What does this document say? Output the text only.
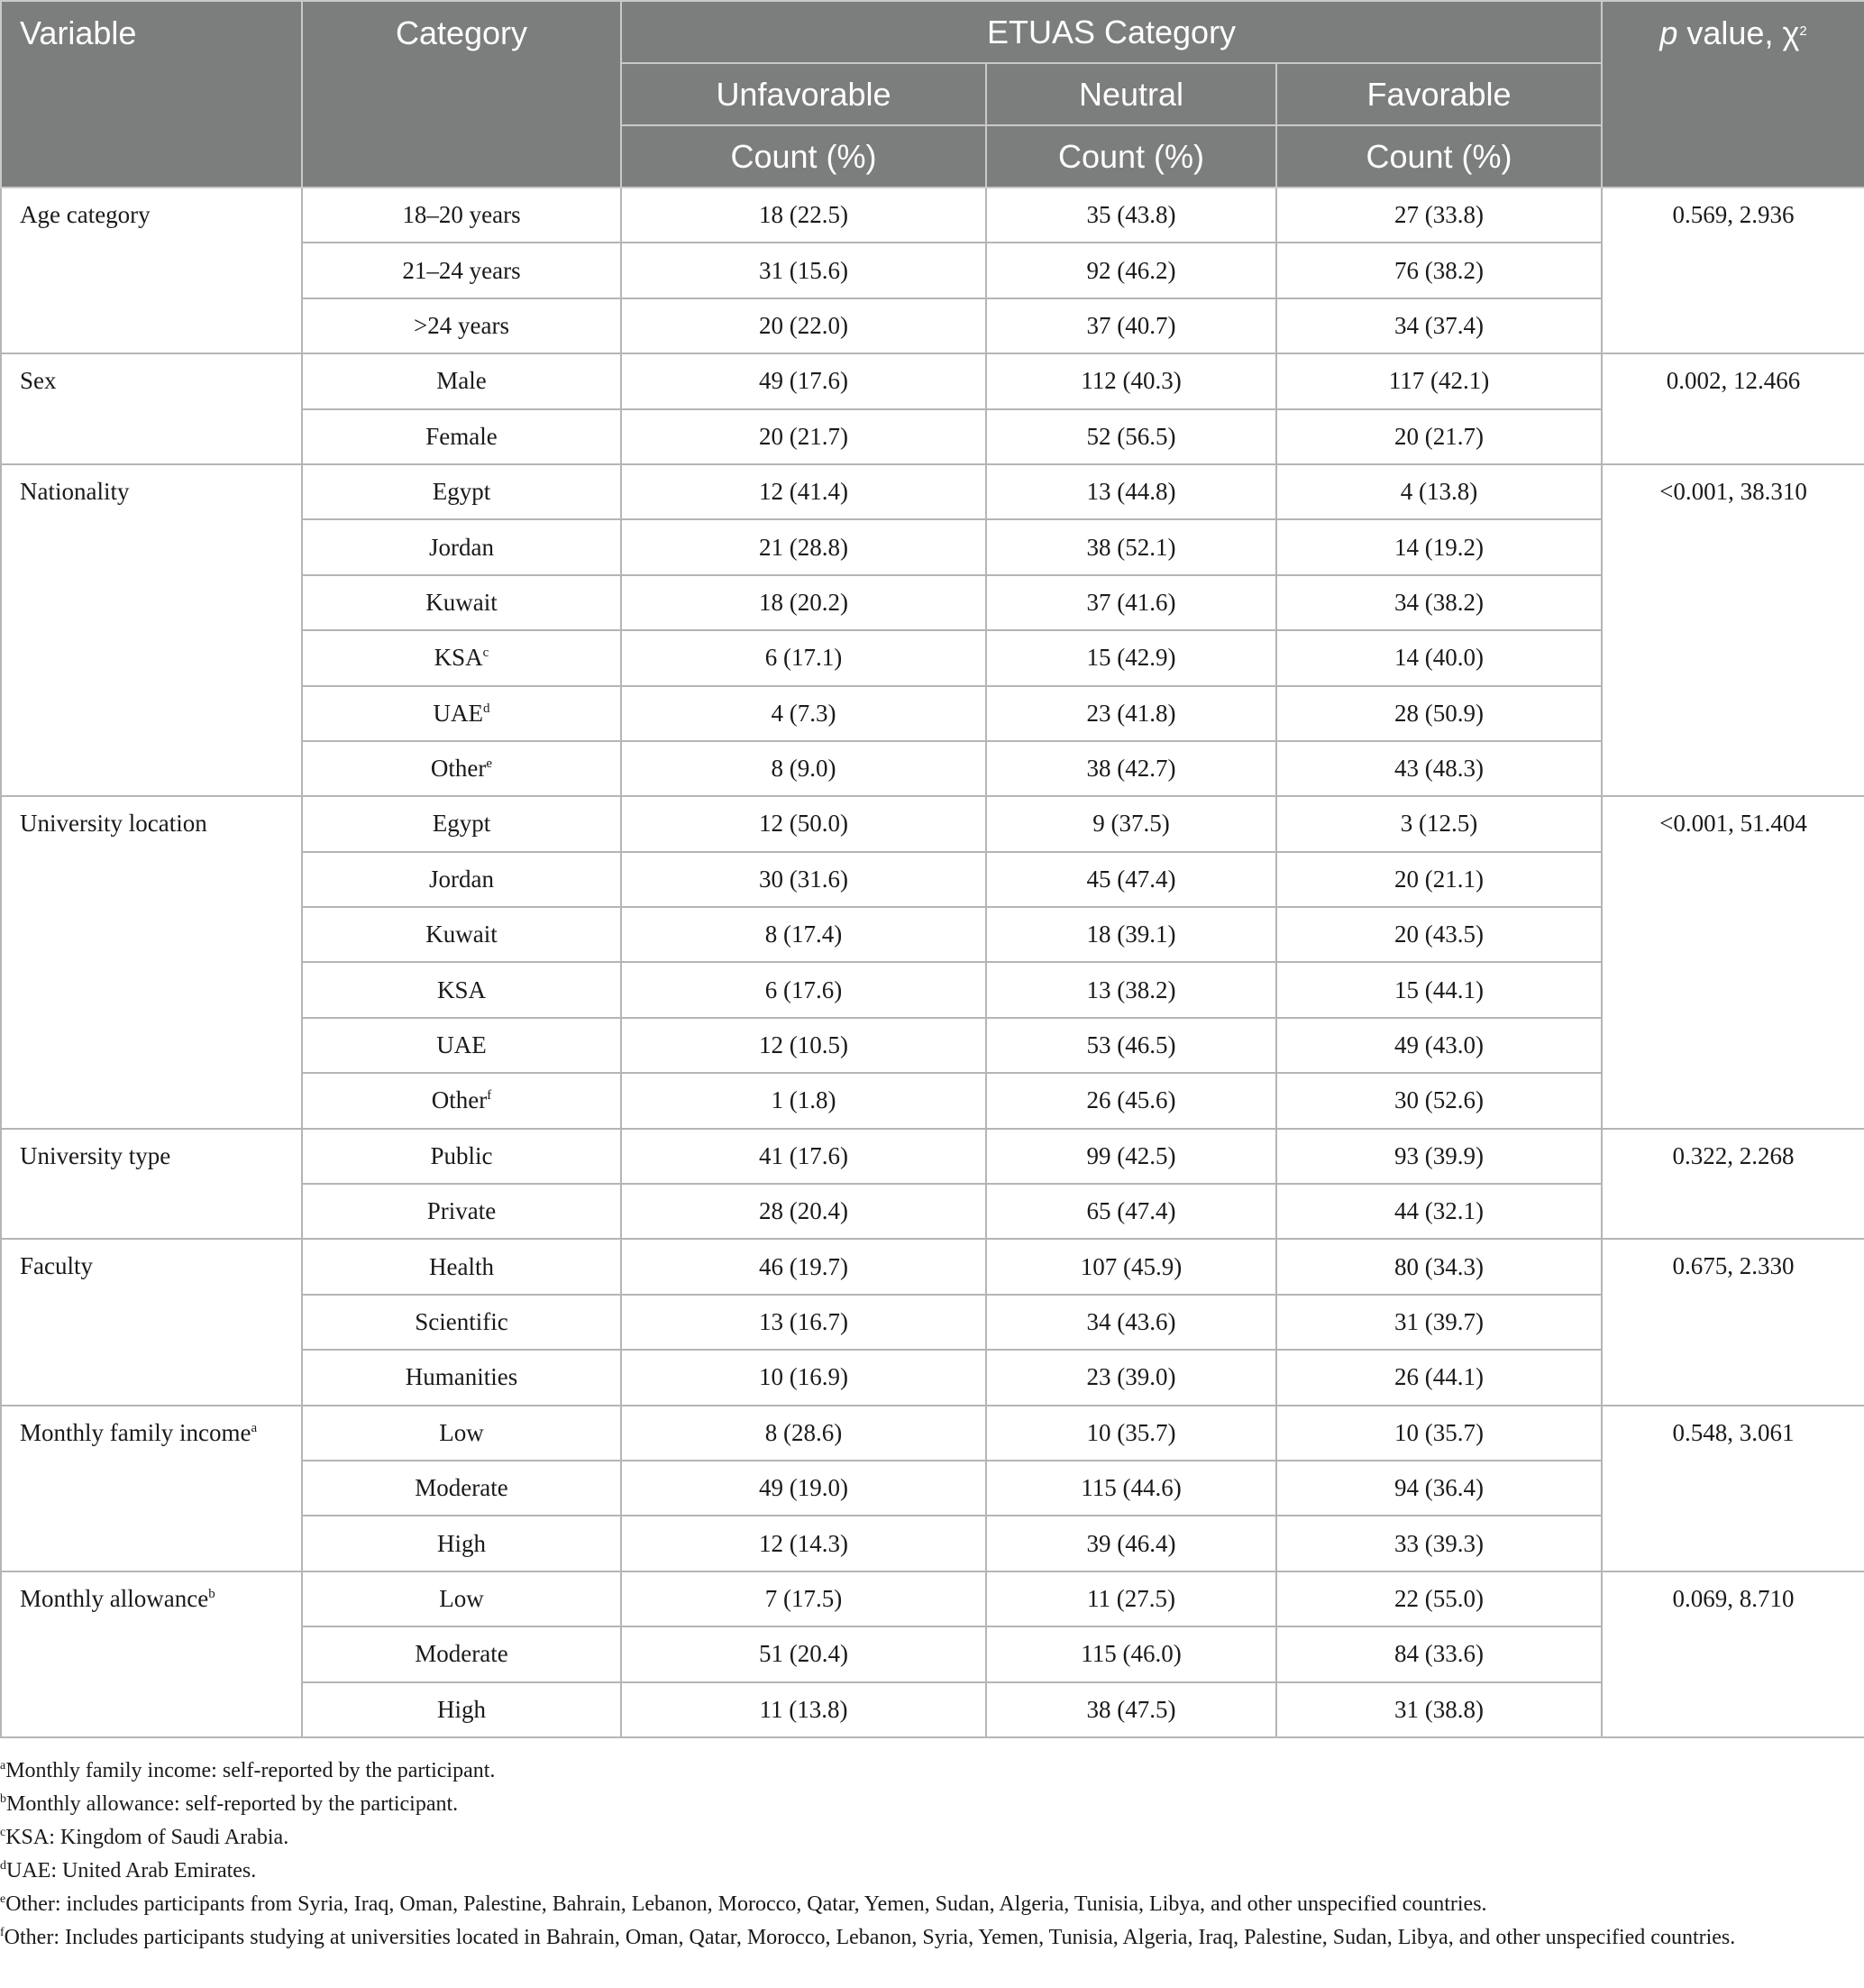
Variable	Category	ETUAS Category			p value, $\chi^2$
		Unfavorable	Neutral	Favorable	
		Count (%)	Count (%)	Count (%)	
Age category	18–20 years	18 (22.5)	35 (43.8)	27 (33.8)	0.569, 2.936
	21–24 years	31 (15.6)	92 (46.2)	76 (38.2)	
	>24 years	20 (22.0)	37 (40.7)	34 (37.4)	
Sex	Male	49 (17.6)	112 (40.3)	117 (42.1)	0.002, 12.466
	Female	20 (21.7)	52 (56.5)	20 (21.7)	
Nationality	Egypt	12 (41.4)	13 (44.8)	4 (13.8)	<0.001, 38.310
	Jordan	21 (28.8)	38 (52.1)	14 (19.2)	
	Kuwait	18 (20.2)	37 (41.6)	34 (38.2)	
	KSA$^c$	6 (17.1)	15 (42.9)	14 (40.0)	
	UAE$^d$	4 (7.3)	23 (41.8)	28 (50.9)	
	Other$^e$	8 (9.0)	38 (42.7)	43 (48.3)	
University location	Egypt	12 (50.0)	9 (37.5)	3 (12.5)	<0.001, 51.404
	Jordan	30 (31.6)	45 (47.4)	20 (21.1)	
	Kuwait	8 (17.4)	18 (39.1)	20 (43.5)	
	KSA	6 (17.6)	13 (38.2)	15 (44.1)	
	UAE	12 (10.5)	53 (46.5)	49 (43.0)	
	Other$^f$	1 (1.8)	26 (45.6)	30 (52.6)	
University type	Public	41 (17.6)	99 (42.5)	93 (39.9)	0.322, 2.268
	Private	28 (20.4)	65 (47.4)	44 (32.1)	
Faculty	Health	46 (19.7)	107 (45.9)	80 (34.3)	0.675, 2.330
	Scientific	13 (16.7)	34 (43.6)	31 (39.7)	
	Humanities	10 (16.9)	23 (39.0)	26 (44.1)	
Monthly family income$^a$	Low	8 (28.6)	10 (35.7)	10 (35.7)	0.548, 3.061
	Moderate	49 (19.0)	115 (44.6)	94 (36.4)	
	High	12 (14.3)	39 (46.4)	33 (39.3)	
Monthly allowance$^b$	Low	7 (17.5)	11 (27.5)	22 (55.0)	0.069, 8.710
	Moderate	51 (20.4)	115 (46.0)	84 (33.6)	
	High	11 (13.8)	38 (47.5)	31 (38.8)	
$^a$Monthly family income: self-reported by the participant.
$^b$Monthly allowance: self-reported by the participant.
$^c$KSA: Kingdom of Saudi Arabia.
$^d$UAE: United Arab Emirates.
$^e$Other: includes participants from Syria, Iraq, Oman, Palestine, Bahrain, Lebanon, Morocco, Qatar, Yemen, Sudan, Algeria, Tunisia, Libya, and other unspecified countries.
$^f$Other: Includes participants studying at universities located in Bahrain, Oman, Qatar, Morocco, Lebanon, Syria, Yemen, Tunisia, Algeria, Iraq, Palestine, Sudan, Libya, and other unspecified countries.
